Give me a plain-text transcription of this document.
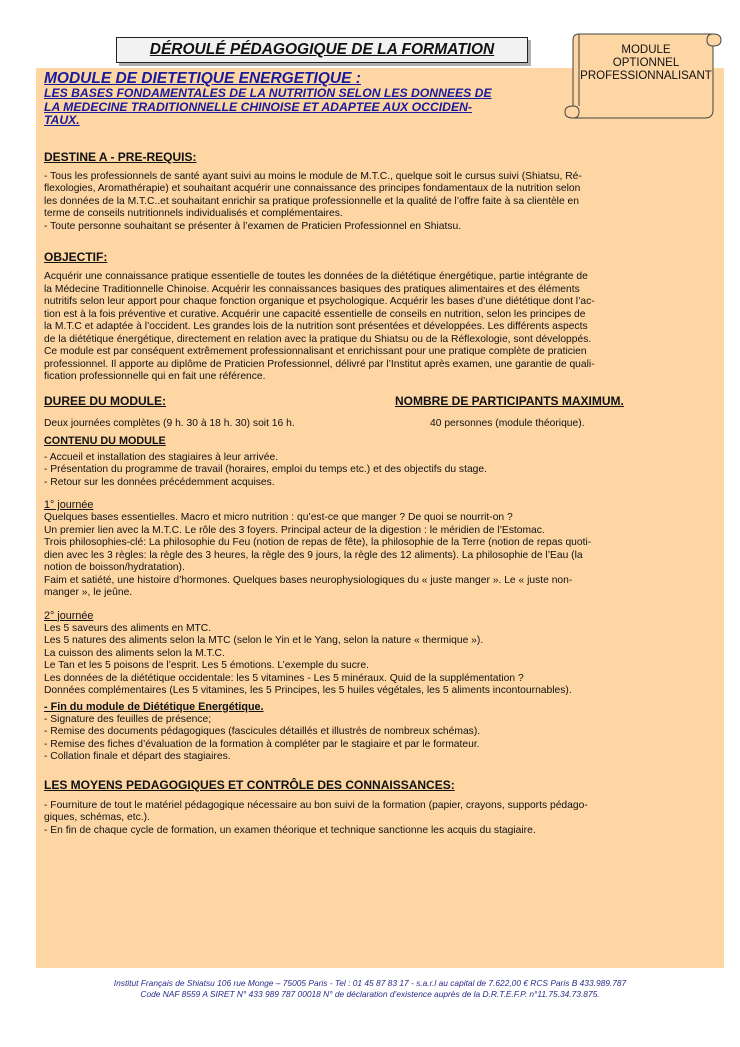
DÉROULÉ PÉDAGOGIQUE DE LA FORMATION	MODULE
OPTIONNEL
PROFESSIONNALISANT

MODULE DE DIETETIQUE ENERGETIQUE :

LES BASES FONDAMENTALES DE LA NUTRITION SELON LES DONNEES DE
LA MEDECINE TRADITIONNELLE CHINOISE ET ADAPTEE AUX OCCIDEN-
TAUX.

DESTINE A - PRE-REQUIS:

- Tous les professionnels de santé ayant suivi au moins le module de M.T.C., quelque soit le cursus suivi (Shiatsu, Ré-

flexologies, Aromathérapie) et souhaitant acquérir une connaissance des principes fondamentaux de la nutrition selon

les données de la M.T.C..et souhaitant enrichir sa pratique professionnelle et la qualité de l’offre faite à sa clientèle en

terme de conseils nutritionnels individualisés et complémentaires.

- Toute personne souhaitant se présenter à l’examen de Praticien Professionnel en Shiatsu.

OBJECTIF:

Acquérir une connaissance pratique essentielle de toutes les données de la diététique énergétique, partie intégrante de

la Médecine Traditionnelle Chinoise. Acquérir les connaissances basiques des pratiques alimentaires et des éléments

nutritifs selon leur apport pour chaque fonction organique et psychologique. Acquérir les bases d’une diététique dont l’ac-

tion est à la fois préventive et curative. Acquérir une capacité essentielle de conseils en nutrition, selon les principes de

la M.T.C et adaptée à l’occident. Les grandes lois de la nutrition sont présentées et développées. Les différents aspects

de la diététique énergétique, directement en relation avec la pratique du Shiatsu ou de la Réflexologie, sont développés.

Ce module est par conséquent extrêmement professionnalisant et enrichissant pour une pratique complète de praticien

professionnel. Il apporte au diplôme de Praticien Professionnel, délivré par l’Institut après examen, une garantie de quali-

fication professionnelle qui en fait une référence.

DUREE DU MODULE:	NOMBRE DE PARTICIPANTS MAXIMUM.

Deux journées complètes (9 h. 30 à 18 h. 30) soit 16 h.	40 personnes (module théorique).

CONTENU DU MODULE

- Accueil et installation des stagiaires à leur arrivée.

- Présentation du programme de travail (horaires, emploi du temps etc.) et des objectifs du stage.

- Retour sur les données précédemment acquises.

1° journée

Quelques bases essentielles. Macro et micro nutrition : qu’est-ce que manger ? De quoi se nourrit-on ?

Un premier lien avec la M.T.C. Le rôle des 3 foyers. Principal acteur de la digestion : le méridien de l’Estomac.

Trois philosophies-clé: La philosophie du Feu (notion de repas de fête), la philosophie de la Terre (notion de repas quoti-

dien avec les 3 règles: la règle des 3 heures, la règle des 9 jours, la règle des 12 aliments). La philosophie de l’Eau (la

notion de boisson/hydratation).

Faim et satiété, une histoire d’hormones. Quelques bases neurophysiologiques du « juste manger ». Le « juste non-

manger », le jeûne.

2° journée

Les 5 saveurs des aliments en MTC.

Les 5 natures des aliments selon la MTC (selon le Yin et le Yang, selon la nature « thermique »).

La cuisson des aliments selon la M.T.C.

Le Tan et les 5 poisons de l’esprit. Les 5 émotions. L’exemple du sucre.

Les données de la diététique occidentale: les 5 vitamines - Les 5 minéraux. Quid de la supplémentation ?

Données complémentaires (Les 5 vitamines, les 5 Principes, les 5 huiles végétales, les 5 aliments incontournables).

- Fin du module de Diététique Energétique.

- Signature des feuilles de présence;

- Remise des documents pédagogiques (fascicules détaillés et illustrés de nombreux schémas).

- Remise des fiches d’évaluation de la formation à compléter par le stagiaire et par le formateur.

- Collation finale et départ des stagiaires.

LES MOYENS PEDAGOGIQUES ET CONTRÔLE DES CONNAISSANCES:

- Fourniture de tout le matériel pédagogique nécessaire au bon suivi de la formation (papier, crayons, supports pédago-

giques, schémas, etc.).

- En fin de chaque cycle de formation, un examen théorique et technique sanctionne les acquis du stagiaire.

Institut Français de Shiatsu 106 rue Monge – 75005 Paris - Tel : 01 45 87 83 17 - s.a.r.l au capital de 7.622,00 € RCS Paris B 433.989.787
Code NAF 8559 A SIRET N° 433 989 787 00018 N° de déclaration d’existence auprès de la D.R.T.E.F.P. n°11.75.34.73.875.
